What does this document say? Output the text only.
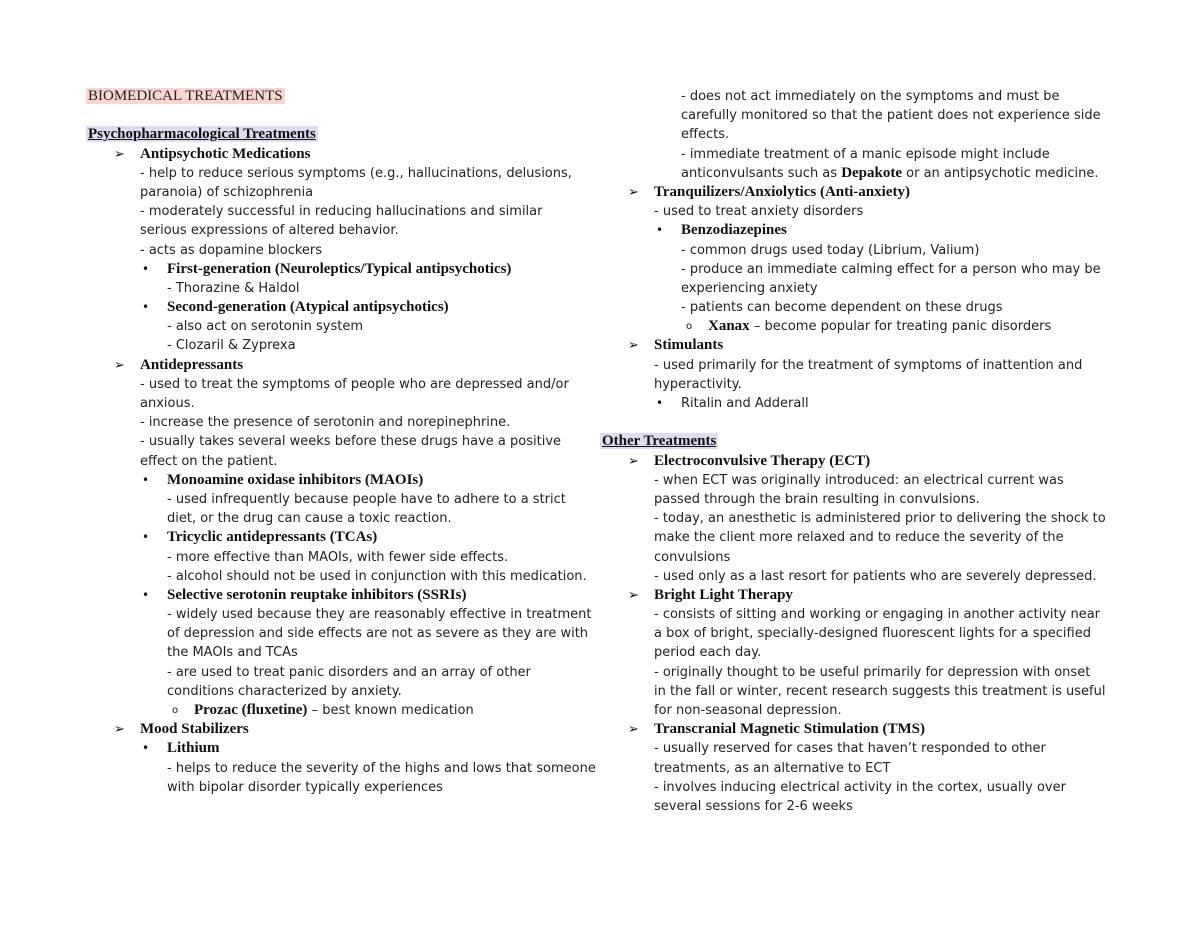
BIOMEDICAL TREATMENTS
Psychopharmacological Treatments
➢ Antipsychotic Medications
- help to reduce serious symptoms (e.g., hallucinations, delusions,
paranoia) of schizophrenia
- moderately successful in reducing hallucinations and similar
serious expressions of altered behavior.
- acts as dopamine blockers
• First-generation (Neuroleptics/Typical antipsychotics)
- Thorazine & Haldol
• Second-generation (Atypical antipsychotics)
- also act on serotonin system
- Clozaril & Zyprexa
➢ Antidepressants
- used to treat the symptoms of people who are depressed and/or
anxious.
- increase the presence of serotonin and norepinephrine.
- usually takes several weeks before these drugs have a positive
effect on the patient.
• Monoamine oxidase inhibitors (MAOIs)
- used infrequently because people have to adhere to a strict
diet, or the drug can cause a toxic reaction.
• Tricyclic antidepressants (TCAs)
- more effective than MAOIs, with fewer side effects.
- alcohol should not be used in conjunction with this medication.
• Selective serotonin reuptake inhibitors (SSRIs)
- widely used because they are reasonably effective in treatment
of depression and side effects are not as severe as they are with
the MAOIs and TCAs
- are used to treat panic disorders and an array of other
conditions characterized by anxiety.
o Prozac (fluxetine) – best known medication
➢ Mood Stabilizers
• Lithium
- helps to reduce the severity of the highs and lows that someone
with bipolar disorder typically experiences
- does not act immediately on the symptoms and must be
carefully monitored so that the patient does not experience side
effects.
- immediate treatment of a manic episode might include
anticonvulsants such as Depakote or an antipsychotic medicine.
➢ Tranquilizers/Anxiolytics (Anti-anxiety)
- used to treat anxiety disorders
• Benzodiazepines
- common drugs used today (Librium, Valium)
- produce an immediate calming effect for a person who may be
experiencing anxiety
- patients can become dependent on these drugs
o Xanax – become popular for treating panic disorders
➢ Stimulants
- used primarily for the treatment of symptoms of inattention and
hyperactivity.
• Ritalin and Adderall
Other Treatments
➢ Electroconvulsive Therapy (ECT)
- when ECT was originally introduced: an electrical current was
passed through the brain resulting in convulsions.
- today, an anesthetic is administered prior to delivering the shock to
make the client more relaxed and to reduce the severity of the
convulsions
- used only as a last resort for patients who are severely depressed.
➢ Bright Light Therapy
- consists of sitting and working or engaging in another activity near
a box of bright, specially-designed fluorescent lights for a specified
period each day.
- originally thought to be useful primarily for depression with onset
in the fall or winter, recent research suggests this treatment is useful
for non-seasonal depression.
➢ Transcranial Magnetic Stimulation (TMS)
- usually reserved for cases that haven’t responded to other
treatments, as an alternative to ECT
- involves inducing electrical activity in the cortex, usually over
several sessions for 2-6 weeks
